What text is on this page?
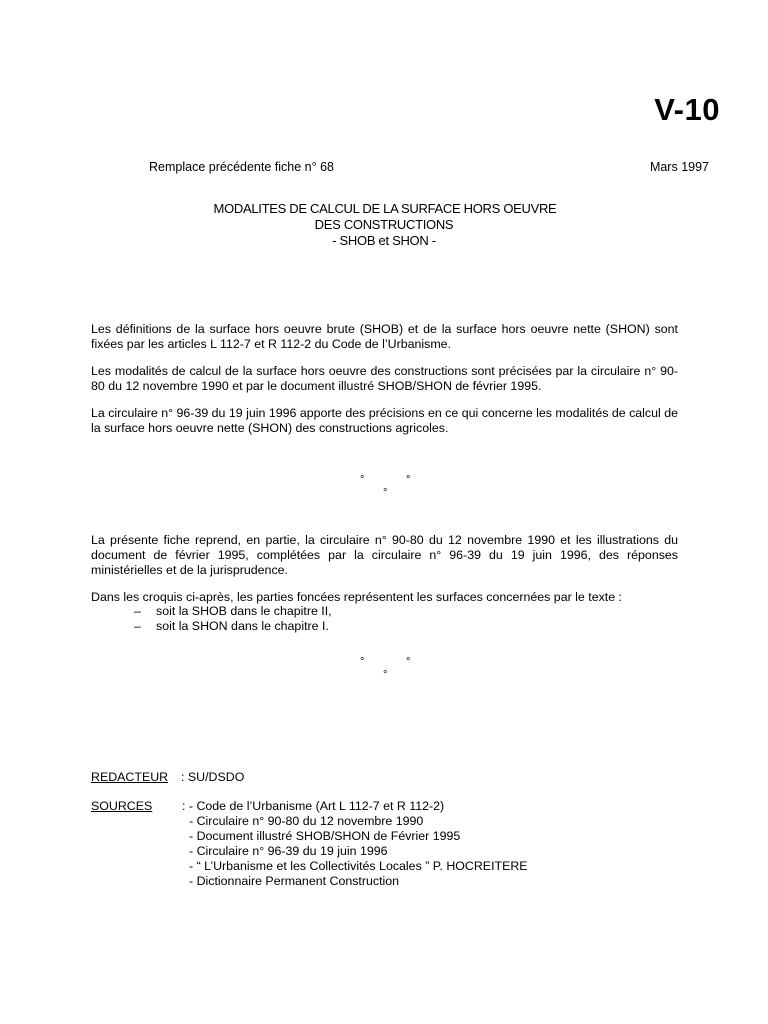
V-10
Remplace précédente fiche n° 68	Mars 1997
MODALITES DE CALCUL DE LA SURFACE HORS OEUVRE
DES CONSTRUCTIONS
- SHOB et SHON -

Les définitions de la surface hors oeuvre brute (SHOB) et de la surface hors oeuvre nette (SHON) sont fixées par les articles L 112-7 et R 112-2 du Code de l’Urbanisme.

Les modalités de calcul de la surface hors oeuvre des constructions sont précisées par la circulaire n° 90-80 du 12 novembre 1990 et par le document illustré SHOB/SHON de février 1995.

La circulaire n° 96-39 du 19 juin 1996 apporte des précisions en ce qui concerne les modalités de calcul de la surface hors oeuvre nette (SHON) des constructions agricoles.

°	°
°

La présente fiche reprend, en partie, la circulaire n° 90-80 du 12 novembre 1990 et les illustrations du document de février 1995, complétées par la circulaire n° 96-39 du 19 juin 1996, des réponses ministérielles et de la jurisprudence.

Dans les croquis ci-après, les parties foncées représentent les surfaces concernées par le texte :

–	soit la SHOB dans le chapitre II,
–	soit la SHON dans le chapitre I.
°	°
°
REDACTEUR : SU/DSDO
SOURCES : - Code de l’Urbanisme (Art L 112-7 et R 112-2)
- Circulaire n° 90-80 du 12 novembre 1990
- Document illustré SHOB/SHON de Février 1995
- Circulaire n° 96-39 du 19 juin 1996
- “ L’Urbanisme et les Collectivités Locales ” P. HOCREITERE
- Dictionnaire Permanent Construction
